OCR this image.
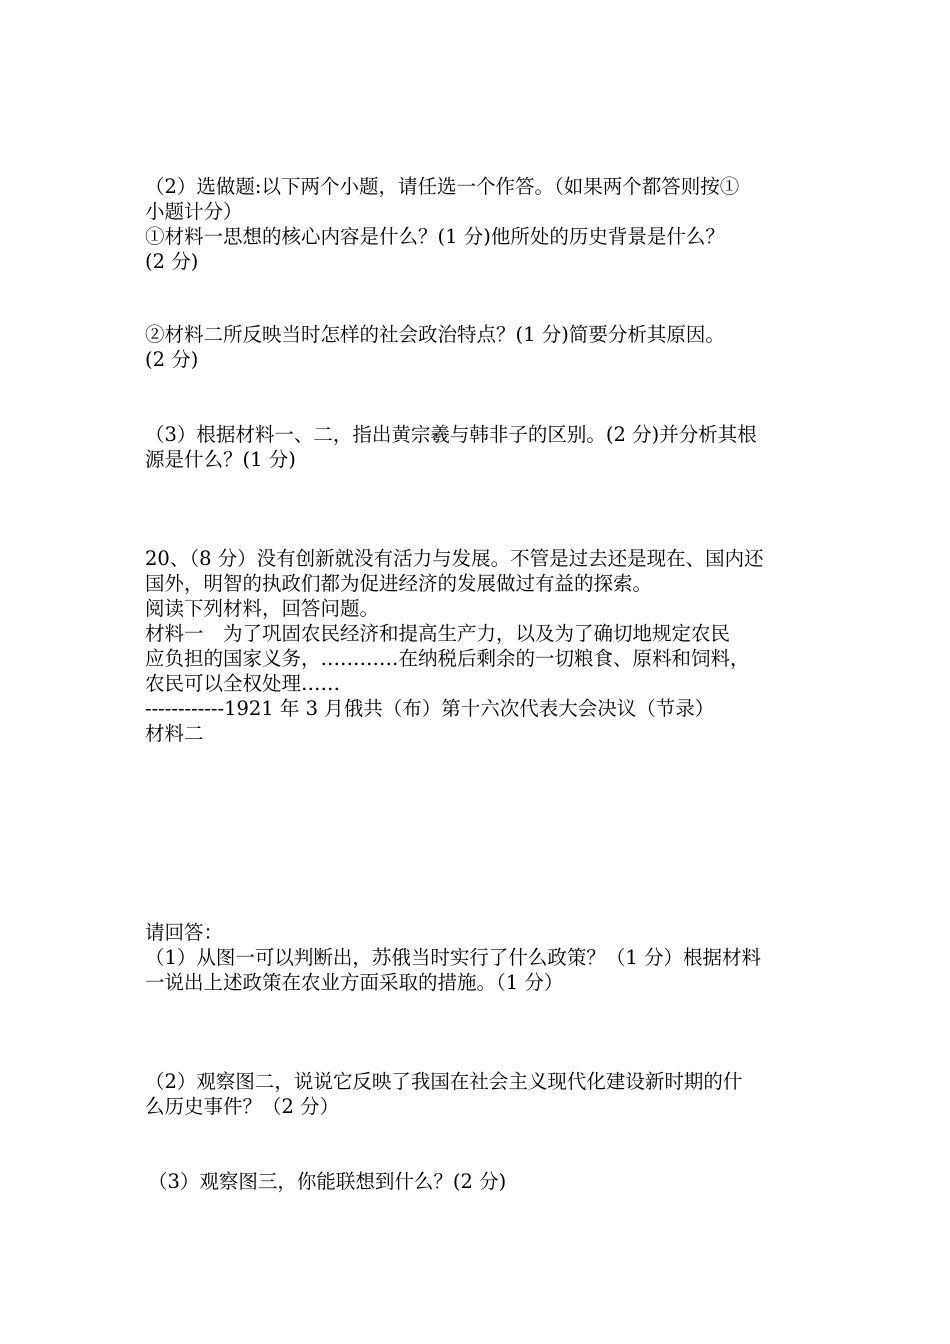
（2）选做题:以下两个小题，请任选一个作答。（如果两个都答则按①
小题计分）
①材料一思想的核心内容是什么？(1 分)他所处的历史背景是什么？
(2 分)
②材料二所反映当时怎样的社会政治特点？(1 分)简要分析其原因。
(2 分)
（3）根据材料一、二，指出黄宗羲与韩非子的区别。(2 分)并分析其根
源是什么？(1 分)
20、（8 分）没有创新就没有活力与发展。不管是过去还是现在、国内还
国外，明智的执政们都为促进经济的发展做过有益的探索。
阅读下列材料，回答问题。
材料一　为了巩固农民经济和提高生产力，以及为了确切地规定农民
应负担的国家义务，…………在纳税后剩余的一切粮食、原料和饲料，
农民可以全权处理……
------------1921 年 3 月俄共（布）第十六次代表大会决议（节录）
材料二
请回答：
（1）从图一可以判断出，苏俄当时实行了什么政策？（1 分）根据材料
一说出上述政策在农业方面采取的措施。（1 分）
（2）观察图二，说说它反映了我国在社会主义现代化建设新时期的什
么历史事件？（2 分）
（3）观察图三，你能联想到什么？(2 分)
